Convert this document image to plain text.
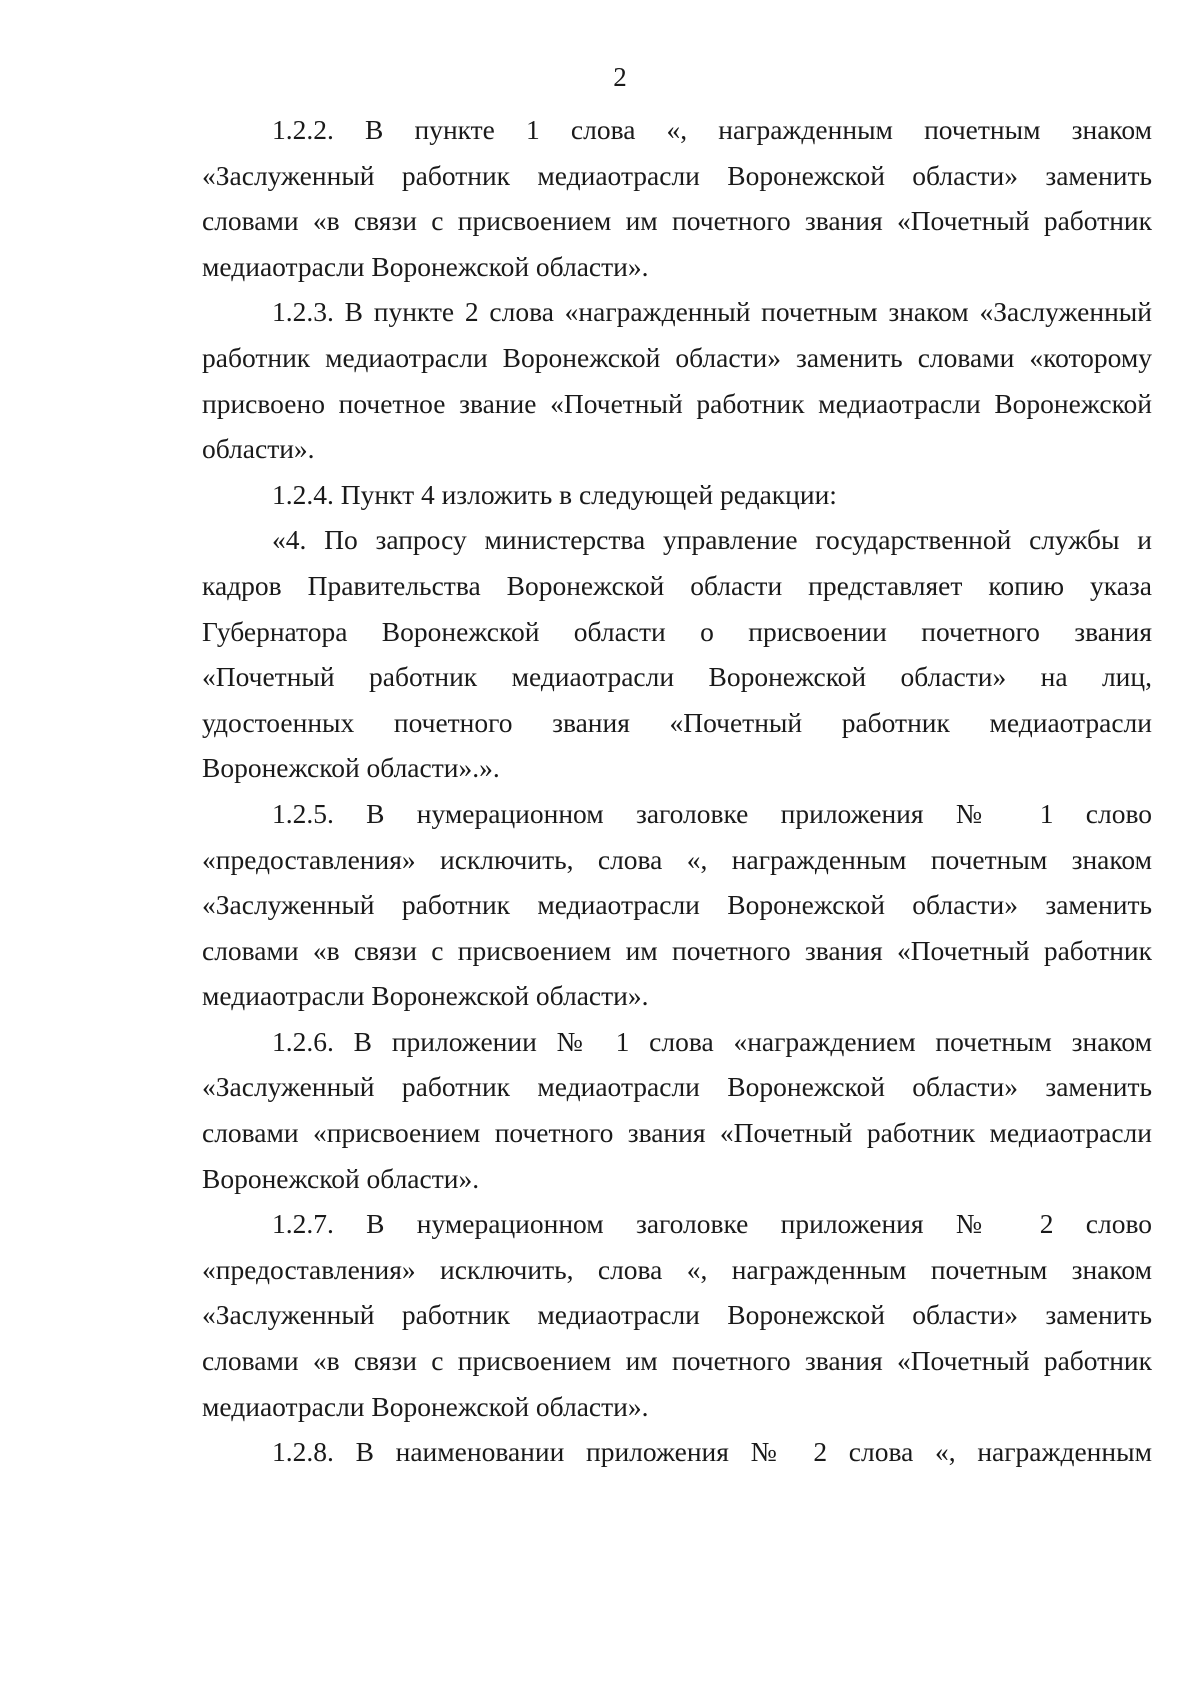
2
1.2.2. В пункте 1 слова «, награжденным почетным знаком
«Заслуженный работник медиаотрасли Воронежской области» заменить
словами «в связи с присвоением им почетного звания «Почетный работник
медиаотрасли Воронежской области».
1.2.3. В пункте 2 слова «награжденный почетным знаком «Заслуженный
работник медиаотрасли Воронежской области» заменить словами «которому
присвоено почетное звание «Почетный работник медиаотрасли Воронежской
области».
1.2.4. Пункт 4 изложить в следующей редакции:
«4. По запросу министерства управление государственной службы и
кадров Правительства Воронежской области представляет копию указа
Губернатора Воронежской области о присвоении почетного звания
«Почетный работник медиаотрасли Воронежской области» на лиц,
удостоенных почетного звания «Почетный работник медиаотрасли
Воронежской области».».
1.2.5. В нумерационном заголовке приложения № 1 слово
«предоставления» исключить, слова «, награжденным почетным знаком
«Заслуженный работник медиаотрасли Воронежской области» заменить
словами «в связи с присвоением им почетного звания «Почетный работник
медиаотрасли Воронежской области».
1.2.6. В приложении № 1 слова «награждением почетным знаком
«Заслуженный работник медиаотрасли Воронежской области» заменить
словами «присвоением почетного звания «Почетный работник медиаотрасли
Воронежской области».
1.2.7. В нумерационном заголовке приложения № 2 слово
«предоставления» исключить, слова «, награжденным почетным знаком
«Заслуженный работник медиаотрасли Воронежской области» заменить
словами «в связи с присвоением им почетного звания «Почетный работник
медиаотрасли Воронежской области».
1.2.8. В наименовании приложения № 2 слова «, награжденным
